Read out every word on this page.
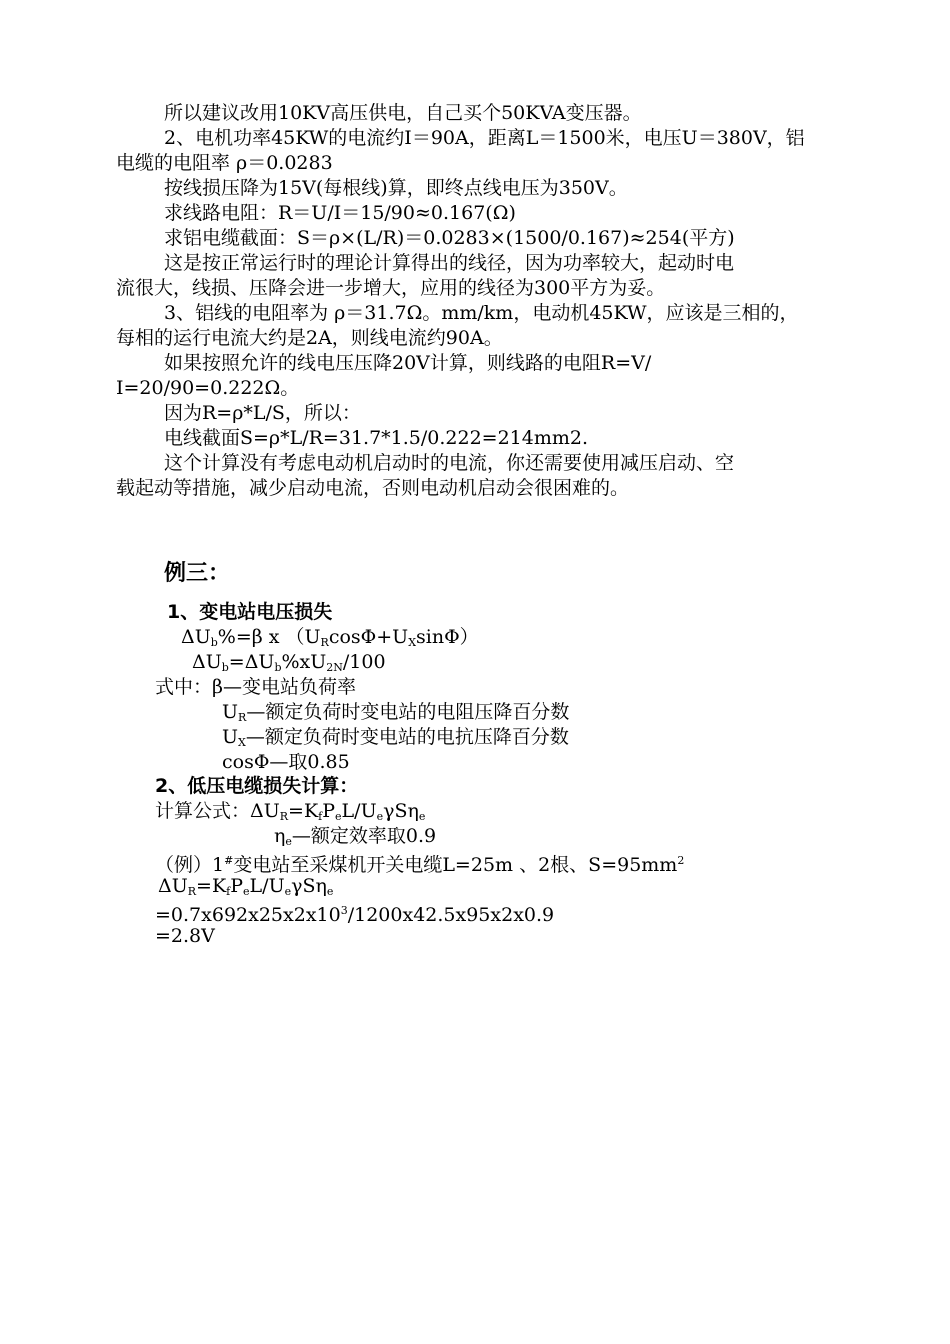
所以建议改用10KV高压供电，自己买个50KVA变压器。
2、电机功率45KW的电流约I＝90A，距离L＝1500米，电压U＝380V，铝
电缆的电阻率 ρ＝0.0283
按线损压降为15V(每根线)算，即终点线电压为350V。
求线路电阻：R＝U/I＝15/90≈0.167(Ω)
求铝电缆截面：S＝ρ×(L/R)＝0.0283×(1500/0.167)≈254(平方)
这是按正常运行时的理论计算得出的线径，因为功率较大，起动时电
流很大，线损、压降会进一步增大，应用的线径为300平方为妥。
3、铝线的电阻率为 ρ＝31.7Ω。mm/km，电动机45KW，应该是三相的，
每相的运行电流大约是2A，则线电流约90A。
如果按照允许的线电压压降20V计算，则线路的电阻R=V/
I=20/90=0.222Ω。
因为R=ρ*L/S，所以：
电线截面S=ρ*L/R=31.7*1.5/0.222=214mm2.
这个计算没有考虑电动机启动时的电流，你还需要使用减压启动、空
载起动等措施，减少启动电流，否则电动机启动会很困难的。
例三：
1、变电站电压损失
$\Delta U_b\%=\beta$ x $(U_R\cos\Phi+U_X\sin\Phi)$
$\Delta U_b=\Delta U_b\%xU_{2N}/100$
式中：β—变电站负荷率
$U_R—$额定负荷时变电站的电阻压降百分数
$U_X—$额定负荷时变电站的电抗压降百分数
cosΦ—取0.85
2、低压电缆损失计算：
计算公式：$\Delta U_R=K_fP_eL/U_e\gamma S\eta_e$
$\eta_e—$额定效率取0.9
（例）1#变电站至采煤机开关电缆L=25m 、2根、$S=95mm^2$
$\Delta U_R=K_fP_eL/U_e\gamma S\eta_e$
$=0.7x692x25x2x10^3/1200x42.5x95x2x0.9$
=2.8V
